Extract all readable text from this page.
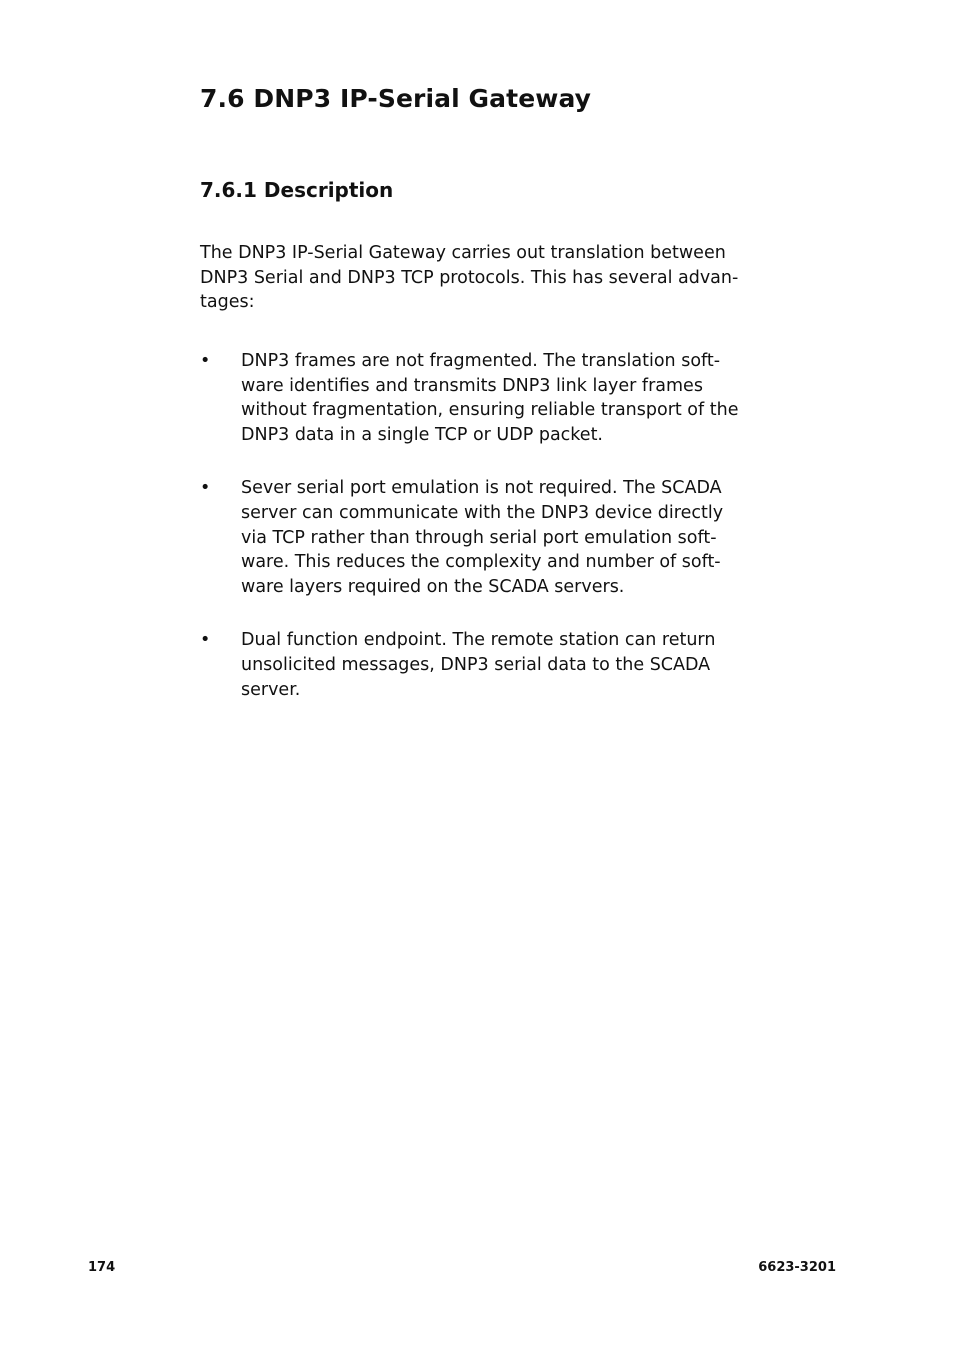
7.6 DNP3 IP-Serial Gateway
7.6.1 Description

The DNP3 IP-Serial Gateway carries out translation between
DNP3 Serial and DNP3 TCP protocols. This has several advan-
tages:

• DNP3 frames are not fragmented. The translation soft-
ware identifies and transmits DNP3 link layer frames
without fragmentation, ensuring reliable transport of the
DNP3 data in a single TCP or UDP packet.
• Sever serial port emulation is not required. The SCADA
server can communicate with the DNP3 device directly
via TCP rather than through serial port emulation soft-
ware. This reduces the complexity and number of soft-
ware layers required on the SCADA servers.
• Dual function endpoint. The remote station can return
unsolicited messages, DNP3 serial data to the SCADA
server.
174	6623-3201
